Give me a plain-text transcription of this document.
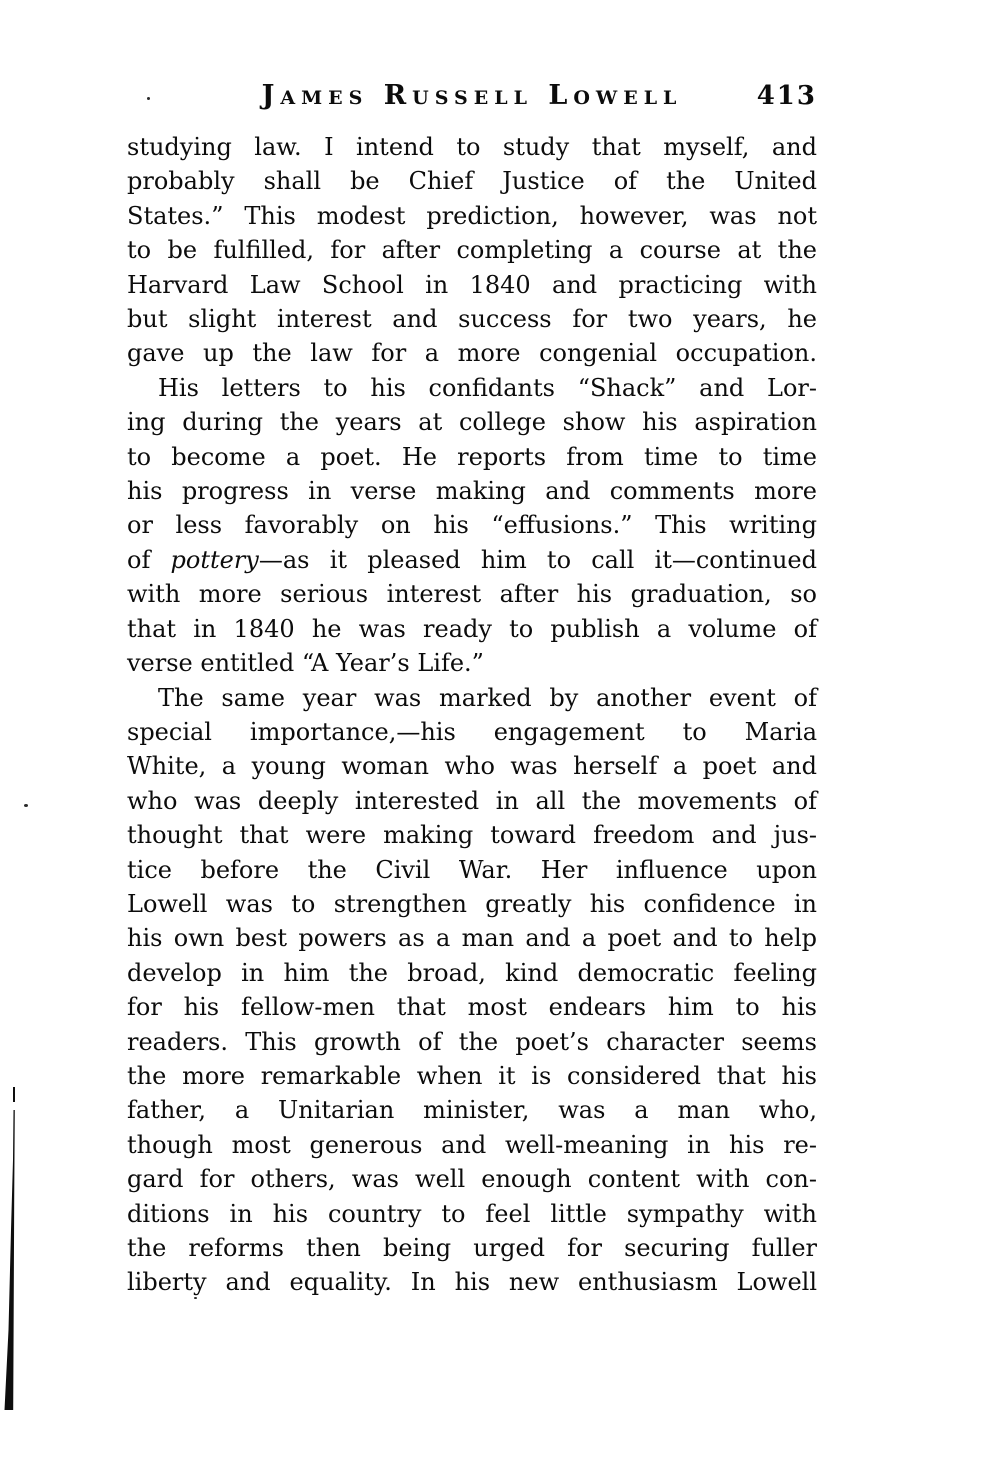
James Russell Lowell	413
studying law. I intend to study that myself, and
probably shall be Chief Justice of the United
States.” This modest prediction, however, was not
to be fulfilled, for after completing a course at the
Harvard Law School in 1840 and practicing with
but slight interest and success for two years, he
gave up the law for a more congenial occupation.
His letters to his confidants “Shack” and Lor-
ing during the years at college show his aspiration
to become a poet. He reports from time to time
his progress in verse making and comments more
or less favorably on his “effusions.” This writing
of pottery—as it pleased him to call it—continued
with more serious interest after his graduation, so
that in 1840 he was ready to publish a volume of
verse entitled “A Year’s Life.”
The same year was marked by another event of
special importance,—his engagement to Maria
White, a young woman who was herself a poet and
who was deeply interested in all the movements of
thought that were making toward freedom and jus-
tice before the Civil War. Her influence upon
Lowell was to strengthen greatly his confidence in
his own best powers as a man and a poet and to help
develop in him the broad, kind democratic feeling
for his fellow-men that most endears him to his
readers. This growth of the poet’s character seems
the more remarkable when it is considered that his
father, a Unitarian minister, was a man who,
though most generous and well-meaning in his re-
gard for others, was well enough content with con-
ditions in his country to feel little sympathy with
the reforms then being urged for securing fuller
liberty and equality. In his new enthusiasm Lowell
